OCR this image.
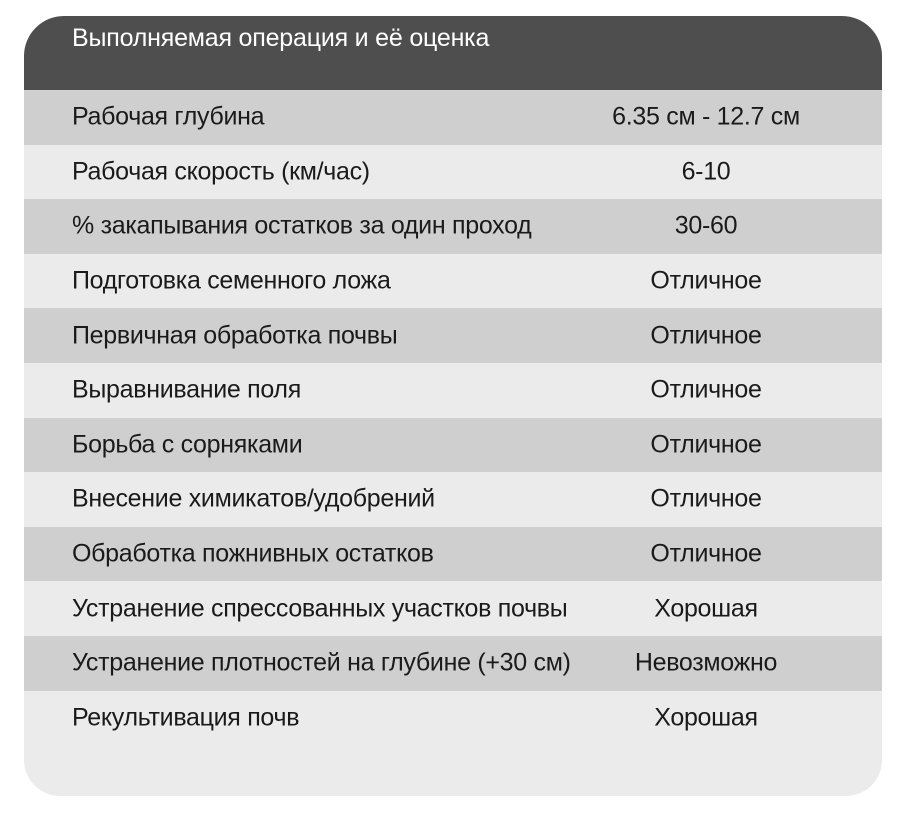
Выполняемая операция и её оценка
Рабочая глубина	6.35 см - 12.7 см
Рабочая скорость (км/час)	6-10
% закапывания остатков за один проход	30-60
Подготовка семенного ложа	Отличное
Первичная обработка почвы	Отличное
Выравнивание поля	Отличное
Борьба с сорняками	Отличное
Внесение химикатов/удобрений	Отличное
Обработка пожнивных остатков	Отличное
Устранение спрессованных участков почвы	Хорошая
Устранение плотностей на глубине (+30 см)	Невозможно
Рекультивация почв	Хорошая
